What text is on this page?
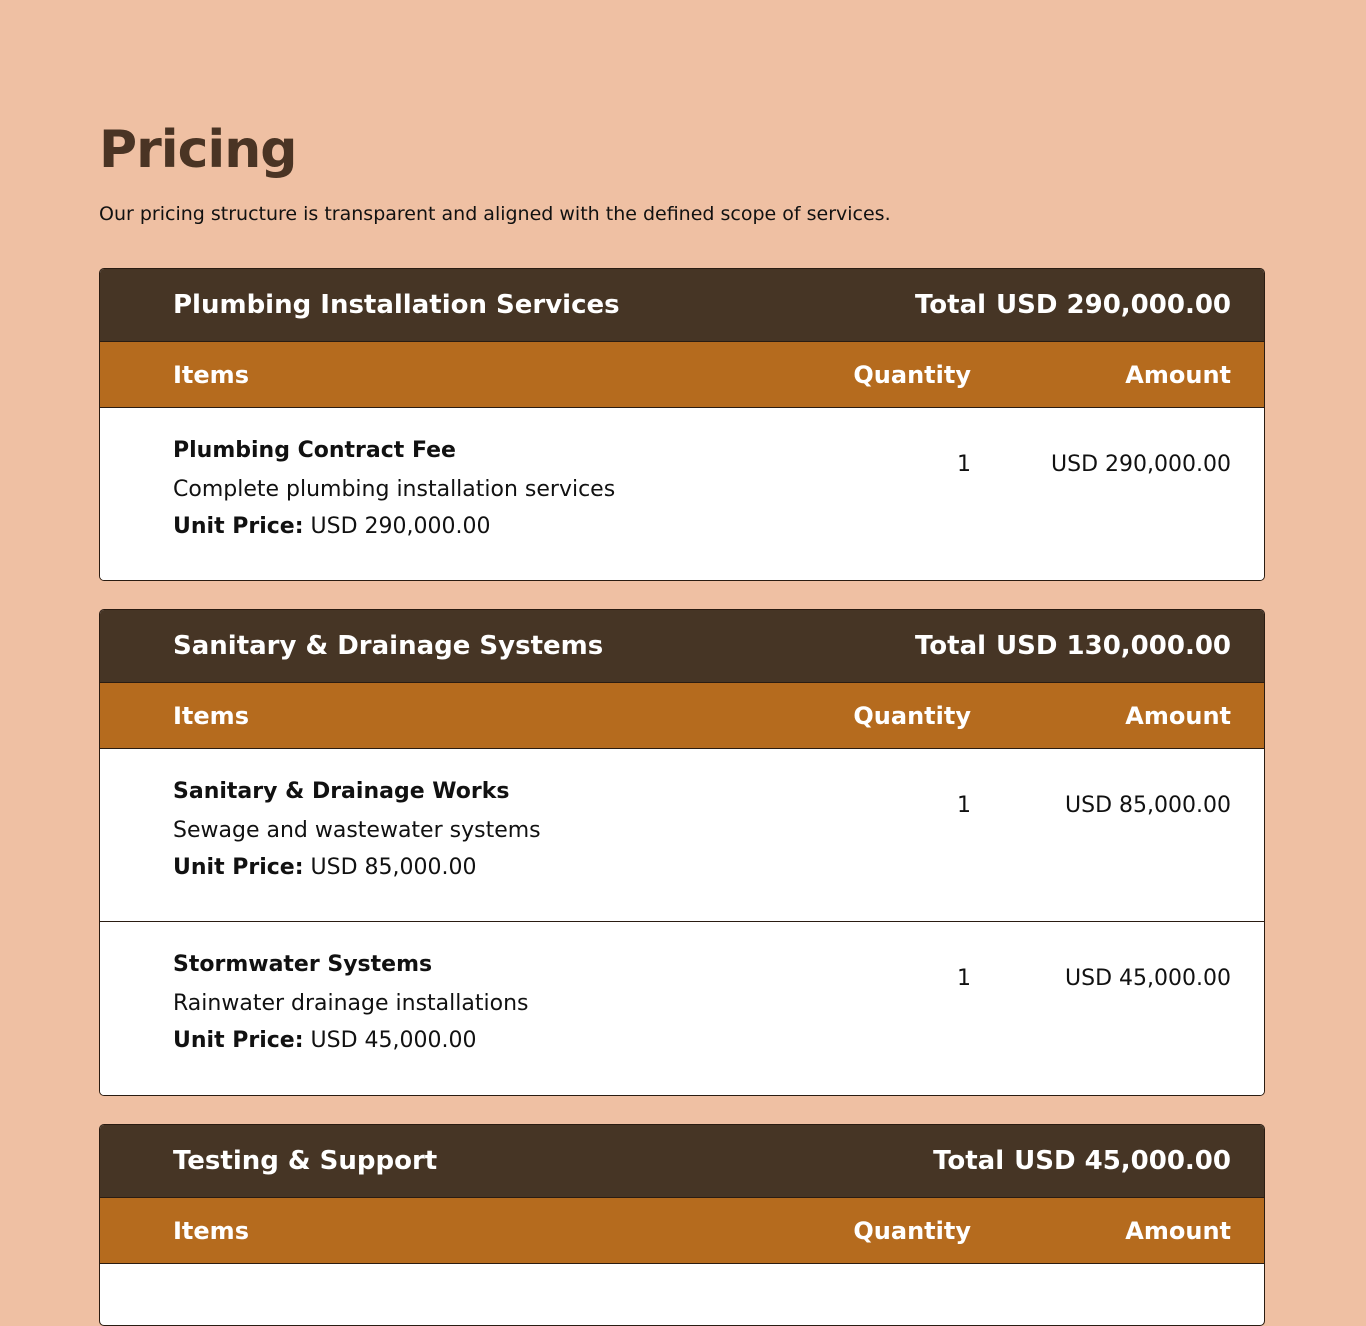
Pricing

Our pricing structure is transparent and aligned with the defined scope of services.

Plumbing Installation Services	Total USD 290,000.00
Items	Quantity	Amount
Plumbing Contract Fee
Complete plumbing installation services
Unit Price: USD 290,000.00
1	USD 290,000.00
Sanitary & Drainage Systems	Total USD 130,000.00
Items	Quantity	Amount
Sanitary & Drainage Works
Sewage and wastewater systems
Unit Price: USD 85,000.00
1	USD 85,000.00
Stormwater Systems
Rainwater drainage installations
Unit Price: USD 45,000.00
1	USD 45,000.00
Testing & Support	Total USD 45,000.00
Items	Quantity	Amount
